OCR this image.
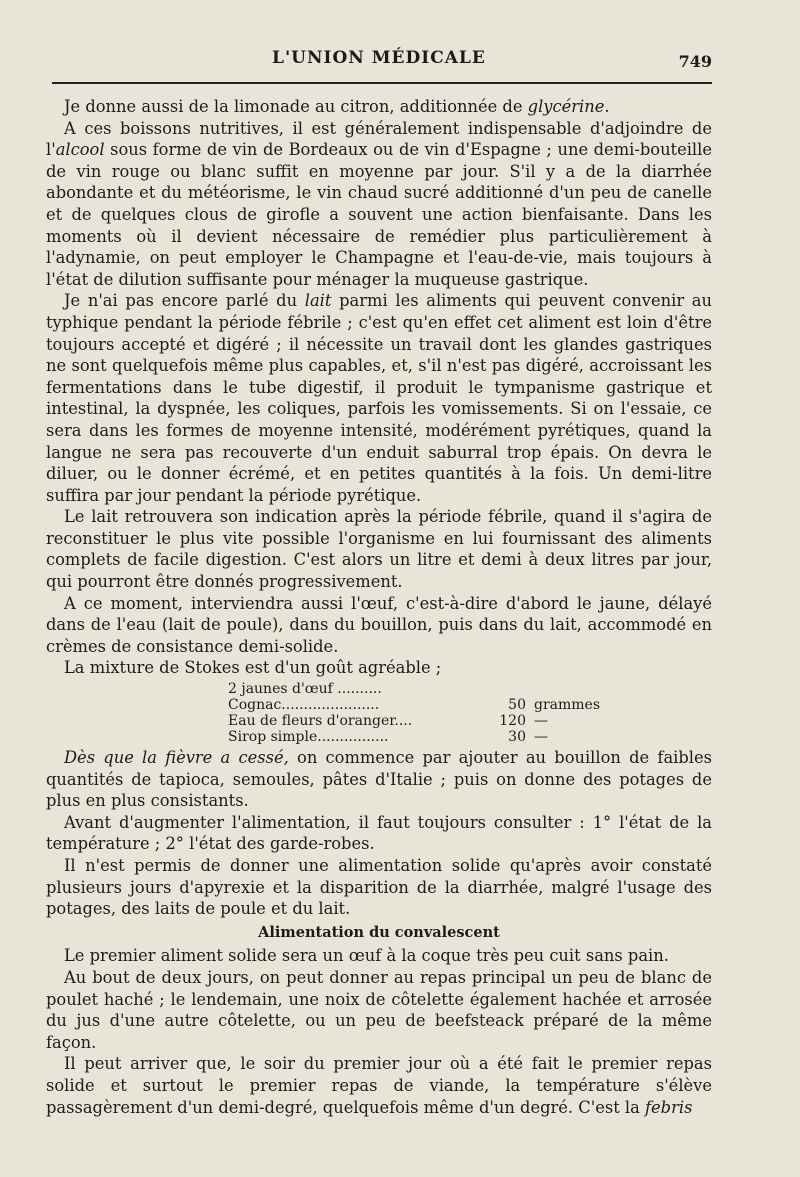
L'UNION MÉDICALE	749

Je donne aussi de la limonade au citron, additionnée de glycérine.

A ces boissons nutritives, il est généralement indispensable d'adjoindre de l'alcool sous forme de vin de Bordeaux ou de vin d'Espagne ; une demi-bouteille de vin rouge ou blanc suffit en moyenne par jour. S'il y a de la diarrhée abondante et du météorisme, le vin chaud sucré additionné d'un peu de canelle et de quelques clous de girofle a souvent une action bienfaisante. Dans les moments où il devient nécessaire de remédier plus particulièrement à l'adynamie, on peut employer le Champagne et l'eau-de-vie, mais toujours à l'état de dilution suffisante pour ménager la muqueuse gastrique.

Je n'ai pas encore parlé du lait parmi les aliments qui peuvent convenir au typhique pendant la période fébrile ; c'est qu'en effet cet aliment est loin d'être toujours accepté et digéré ; il nécessite un travail dont les glandes gastriques ne sont quelquefois même plus capables, et, s'il n'est pas digéré, accroissant les fermentations dans le tube digestif, il produit le tympanisme gastrique et intestinal, la dyspnée, les coliques, parfois les vomissements. Si on l'essaie, ce sera dans les formes de moyenne intensité, modérément pyrétiques, quand la langue ne sera pas recouverte d'un enduit saburral trop épais. On devra le diluer, ou le donner écrémé, et en petites quantités à la fois. Un demi-litre suffira par jour pendant la période pyrétique.

Le lait retrouvera son indication après la période fébrile, quand il s'agira de reconstituer le plus vite possible l'organisme en lui fournissant des aliments complets de facile digestion. C'est alors un litre et demi à deux litres par jour, qui pourront être donnés progressivement.

A ce moment, interviendra aussi l'œuf, c'est-à-dire d'abord le jaune, délayé dans de l'eau (lait de poule), dans du bouillon, puis dans du lait, accommodé en crèmes de consistance demi-solide.

La mixture de Stokes est d'un goût agréable ;

2 jaunes d'œuf ..........
Cognac......................	50 grammes
Eau de fleurs d'oranger....	120 —
Sirop simple................	30 —

Dès que la fièvre a cessé, on commence par ajouter au bouillon de faibles quantités de tapioca, semoules, pâtes d'Italie ; puis on donne des potages de plus en plus consistants.

Avant d'augmenter l'alimentation, il faut toujours consulter : 1° l'état de la température ; 2° l'état des garde-robes.

Il n'est permis de donner une alimentation solide qu'après avoir constaté plusieurs jours d'apyrexie et la disparition de la diarrhée, malgré l'usage des potages, des laits de poule et du lait.

Alimentation du convalescent

Le premier aliment solide sera un œuf à la coque très peu cuit sans pain.

Au bout de deux jours, on peut donner au repas principal un peu de blanc de poulet haché ; le lendemain, une noix de côtelette également hachée et arrosée du jus d'une autre côtelette, ou un peu de beefsteack préparé de la même façon.

Il peut arriver que, le soir du premier jour où a été fait le premier repas solide et surtout le premier repas de viande, la température s'élève passagèrement d'un demi-degré, quelquefois même d'un degré. C'est la febris
